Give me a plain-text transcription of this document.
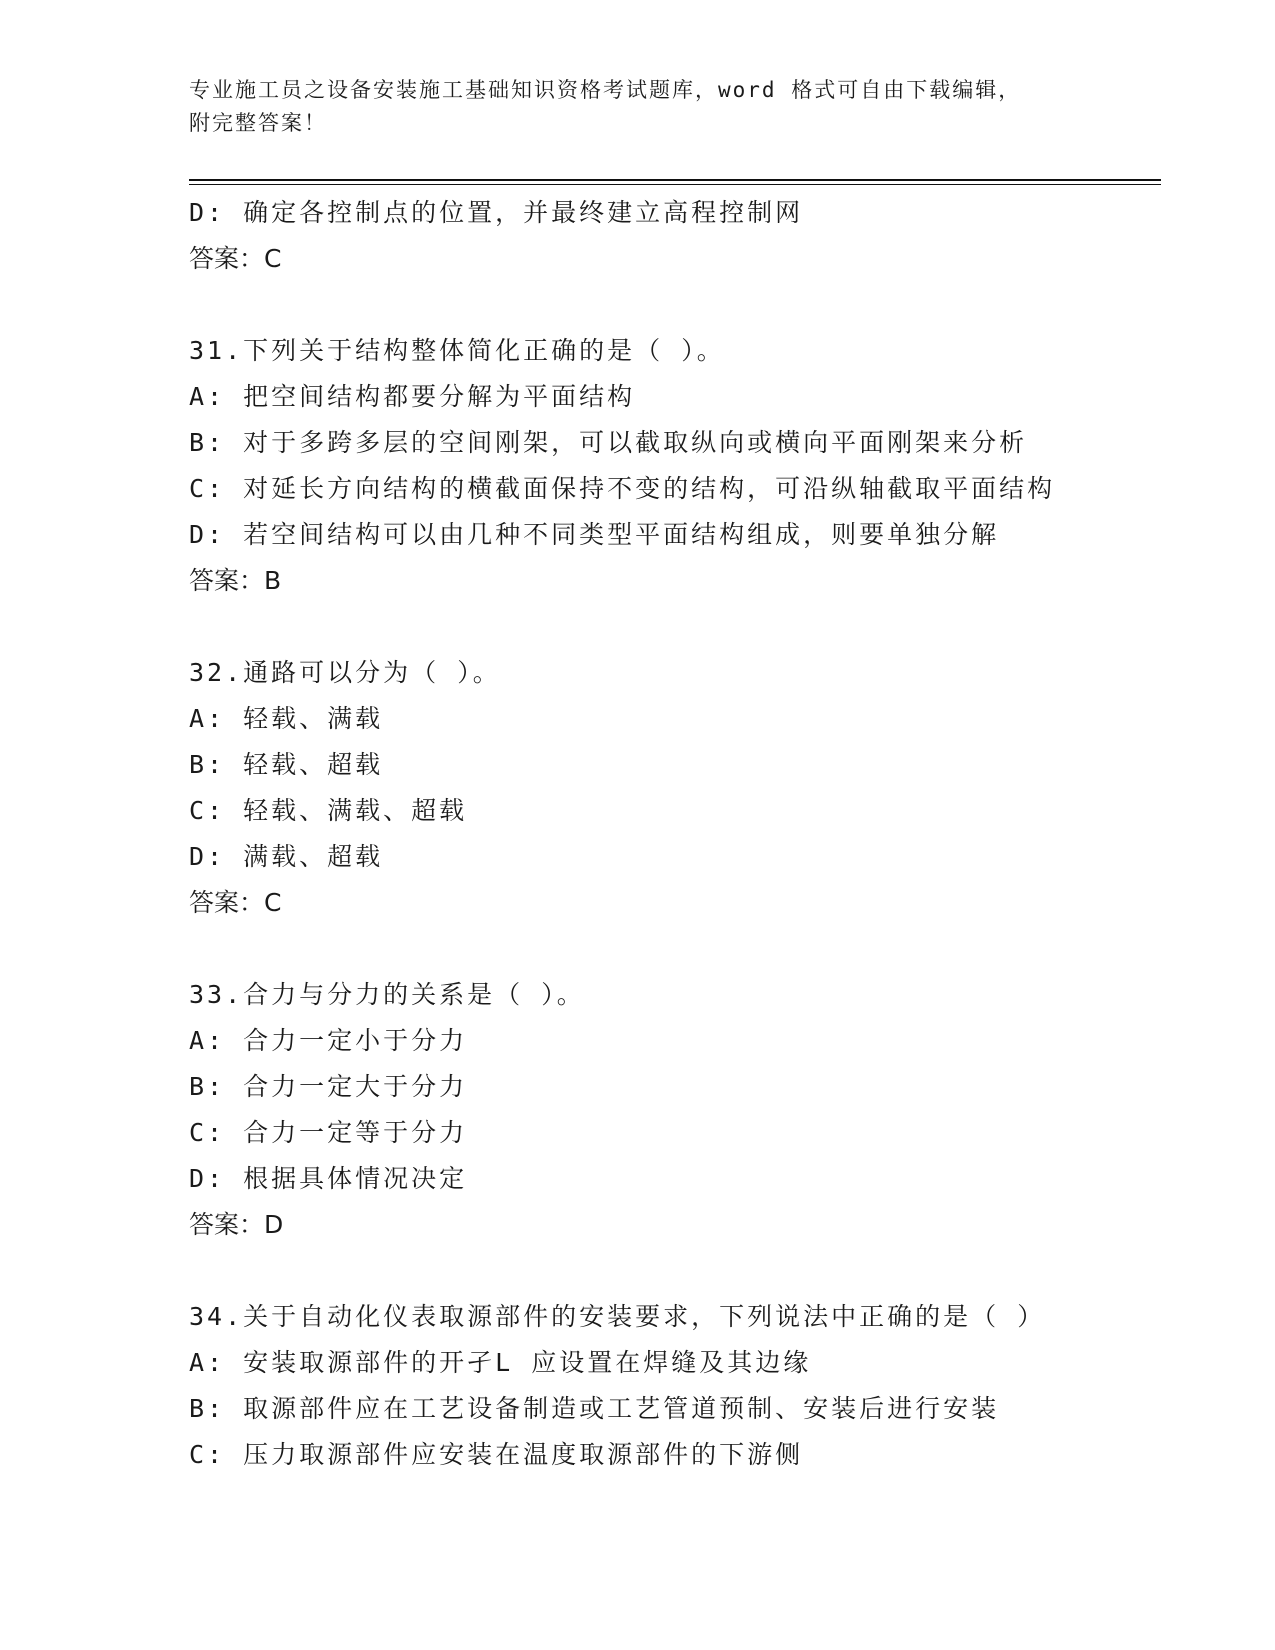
专业施工员之设备安装施工基础知识资格考试题库，word 格式可自由下载编辑，
附完整答案！
D: 确定各控制点的位置，并最终建立高程控制网
答案：C
31.下列关于结构整体简化正确的是（ ）。
A: 把空间结构都要分解为平面结构
B: 对于多跨多层的空间刚架，可以截取纵向或横向平面刚架来分析
C: 对延长方向结构的横截面保持不变的结构，可沿纵轴截取平面结构
D: 若空间结构可以由几种不同类型平面结构组成，则要单独分解
答案：B
32.通路可以分为（ ）。
A: 轻载、满载
B: 轻载、超载
C: 轻载、满载、超载
D: 满载、超载
答案：C
33.合力与分力的关系是（ ）。
A: 合力一定小于分力
B: 合力一定大于分力
C: 合力一定等于分力
D: 根据具体情况决定
答案：D
34.关于自动化仪表取源部件的安装要求，下列说法中正确的是（ ）
A: 安装取源部件的开孑L 应设置在焊缝及其边缘
B: 取源部件应在工艺设备制造或工艺管道预制、安装后进行安装
C: 压力取源部件应安装在温度取源部件的下游侧
